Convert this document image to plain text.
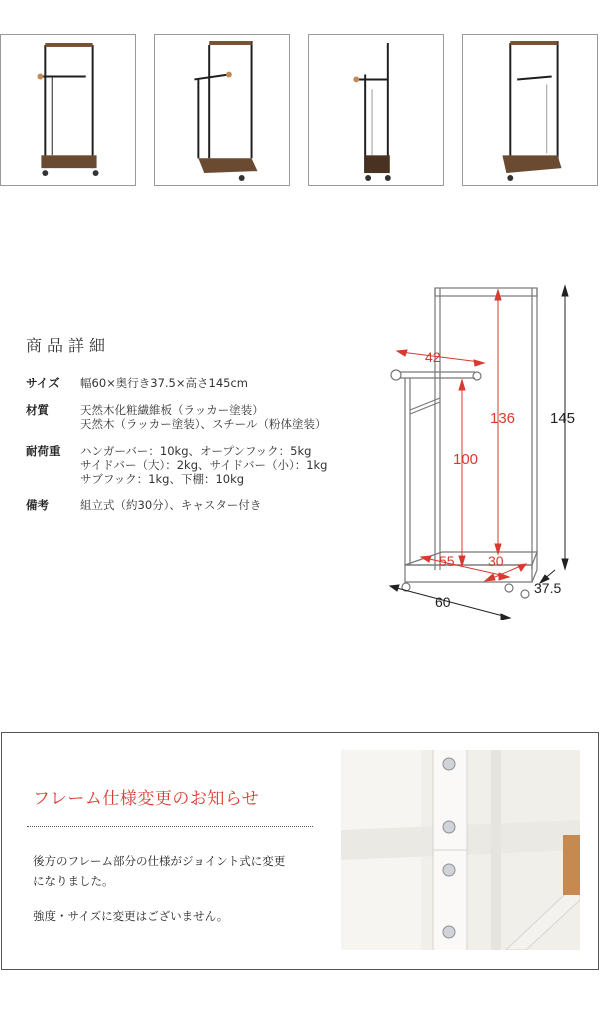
商品詳細
サイズ	幅60×奥行き37.5×高さ145cm
材質	天然木化粧繊維板（ラッカー塗装）
天然木（ラッカー塗装）、スチール（粉体塗装）
耐荷重	ハンガーバー：10kg、オープンフック：5kg
サイドバー（大）：2kg、サイドバー（小）：1kg
サブフック：1kg、下棚：10kg
備考	組立式（約30分）、キャスター付き
42
136
100
55 30
145
37.5
60
フレーム仕様変更のお知らせ
後方のフレーム部分の仕様がジョイント式に変更
になりました。
強度・サイズに変更はございません。
